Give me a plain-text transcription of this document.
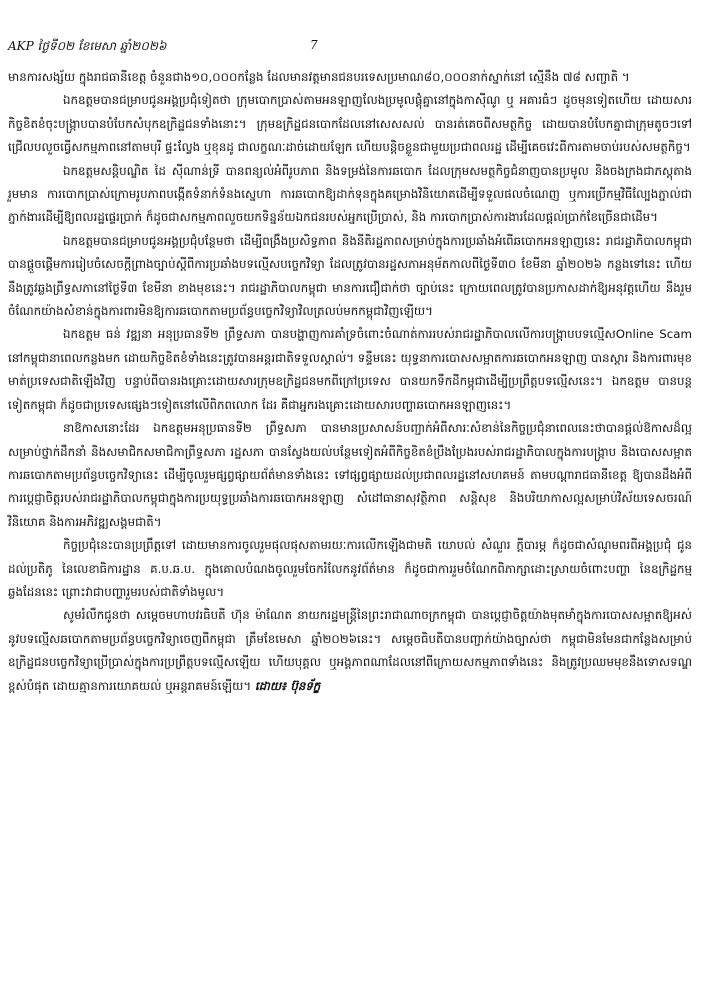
AKP ថ្ងៃទី០២ ខែមេសា ឆ្នាំ២០២៦	7

មានការសង្ស័យ ក្នុងរាជធានីខេត្ត ចំនួនជាង១០,០០០កន្លែង ដែលមានវត្តមានជនបរទេសប្រមាណ៨០,០០០នាក់ស្នាក់នៅ ស្មើនឹង ៧៨ សញ្ជាតិ ។

ឯកឧត្តមបានជម្រាបជូនអង្គប្រជុំទៀតថា ក្រុមបោកប្រាស់តាមអនឡាញលែងប្រមូលផ្តុំគ្នានៅក្នុងកាស៊ីណូ ឬ អគារធំៗ ដូចមុនទៀតហើយ ដោយសារកិច្ចខិតខំចុះបង្ក្រាបបានបំបែកសំបុកឧក្រិដ្ឋជនទាំងនោះ។ ក្រុមឧក្រិដ្ឋជនបោកដែលនៅសេសសល់ បានរត់គេចពីសមត្ថកិច្ច ដោយបានបំបែកគ្នាជាក្រុមតូចៗទៅជ្រើលបលួចធ្វើសកម្មភាពនៅតាមបុរី ផ្ទះល្វែង ឬខុនដូ ជាលក្ខណៈដាច់ដោយឡែក ហើយបន្តិចខ្លួនជាមួយប្រជាពលរដ្ឋ ដើម្បីគេចវេះពីការតាមចាប់របស់សមត្ថកិច្ច។

ឯកឧត្តមសន្តិបណ្ឌិត ដៃ ស៊ីណាន់ទ្រី បានពន្យល់អំពីរូបភាព និងទម្រង់នៃការឆបោក ដែលក្រុមសមត្ថកិច្ចជំនាញបានប្រមូល និងចងក្រងជាភស្តុតាង រួមមាន ការបោកប្រាស់ក្រោមរូបភាពបង្កើតទំនាក់ទំនងស្នេហា ការឆបោកឱ្យដាក់ទុនក្នុងគម្រោងវិនិយោគដើម្បីទទួលផលចំណេញ ឬការប្រើកម្មវិធីល្បែងភ្នាល់ជាភ្នាក់ងារដើម្បីឱ្យពលរដ្ឋផ្ទេរប្រាក់ ក៏ដូចជាសកម្មភាពលួចយកទិន្នន័យឯកជនរបស់អ្នកប្រើប្រាស់, និង ការបោកប្រាស់ការងារដែលផ្តល់ប្រាក់ខែច្រើនជាដើម។

ឯកឧត្តមបានជម្រាបជូនអង្គប្រជុំបន្ថែមថា ដើម្បីពង្រឹងប្រសិទ្ធភាព និងនីតិរដ្ឋភាពសម្រាប់ក្នុងការប្រឆាំងអំពើឆបោកអនឡាញនេះ រាជរដ្ឋាភិបាលកម្ពុជាបានផ្តួចផ្តើមការរៀបចំសេចក្តីព្រាងច្បាប់ស្តីពីការប្រឆាំងបទល្មើសបច្ចេកវិទ្យា ដែលត្រូវបានរដ្ឋសភាអនុម័តកាលពីថ្ងៃទី៣០ ខែមីនា ឆ្នាំ២០២៦ កន្លងទៅនេះ ហើយនឹងត្រូវឆ្លងព្រឹទ្ធសភានៅថ្ងៃទី៣ ខែមីនា ខាងមុខនេះ។ រាជរដ្ឋាភិបាលកម្ពុជា មានការជឿជាក់ថា ច្បាប់នេះ ក្រោយពេលត្រូវបានប្រកាសដាក់ឱ្យអនុវត្តហើយ នឹងរួមចំណែកយ៉ាងសំខាន់ក្នុងការពារមិនឱ្យការឆបោកតាមប្រព័ន្ធបច្ចេកវិទ្យាវិលត្រលប់មកកម្ពុជាវិញឡើយ។

ឯកឧត្តម ធន់ វឌ្ឍនា អនុប្រធានទី២ ព្រឹទ្ធសភា បានបង្ហាញការគាំទ្រចំពោះចំណាត់ការរបស់រាជរដ្ឋាភិបាលលើការបង្ក្រាបបទល្មើសOnline Scam នៅកម្ពុជានាពេលកន្លងមក ដោយកិច្ចខិតខំទាំងនេះត្រូវបានអន្តរជាតិទទួលស្គាល់។ ទន្ទឹមនេះ យុទ្ធនាការបោសសម្អាតការឆបោកអនឡាញ បានស្តារ និងការពារមុខមាត់ប្រទេសជាតិឡើងវិញ បន្ទាប់ពីបានរងគ្រោះដោយសារក្រុមឧក្រិដ្ឋជនមកពីក្រៅប្រទេស បានយកទឹកដីកម្ពុជាដើម្បីប្រព្រឹត្តបទល្មើសនេះ។ ឯកឧត្តម បានបន្តទៀតកម្ពុជា ក៏ដូចជាប្រទេសផ្សេងៗទៀតនៅលើពិភពលោក ដែរ គឺជាអ្នករងគ្រោះដោយសារបញ្ហាឆបោកអនឡាញនេះ។

នាឱកាសនោះដែរ ឯកឧត្តមអនុប្រធានទី២ ព្រឹទ្ធសភា បានមានប្រសាសន៍បញ្ជាក់អំពីសារៈសំខាន់នៃកិច្ចប្រជុំនាពេលនេះថាបានផ្តល់ឱកាសដ៏ល្អសម្រាប់ថ្នាក់ដឹកនាំ និងសមាជិកសមាជិកាព្រឹទ្ធសភា រដ្ឋសភា បានស្វែងយល់បន្ថែមទៀតអំពីកិច្ចខិតខំប្រឹងប្រែងរបស់រាជរដ្ឋាភិបាលក្នុងការបង្ក្រាប និងបោសសម្អាតការឆបោកតាមប្រព័ន្ធបច្ចេកវិទ្យានេះ ដើម្បីចូលរួមផ្សព្វផ្សាយព័ត៌មានទាំងនេះ ទៅផ្សព្វផ្សាយដល់ប្រជាពលរដ្ឋនៅសហគមន៍ តាមបណ្តារាជធានីខេត្ត ឱ្យបានដឹងអំពីការប្តេជ្ញាចិត្តរបស់រាជរដ្ឋាភិបាលកម្ពុជាក្នុងការប្រយុទ្ធប្រឆាំងការឆបោកអនឡាញ សំដៅធានាសុវត្ថិភាព សន្តិសុខ និងបរិយាកាសល្អសម្រាប់វិស័យទេសចរណ៍ វិនិយោគ និងការអភិវឌ្ឍសង្គមជាតិ។

កិច្ចប្រជុំនេះបានប្រព្រឹត្តទៅ ដោយមានការចូលរួមផុលផុសតាមរយៈការលើកឡើងជាមតិ យោបល់ សំណួរ ក្តីបារម្ភ ក៏ដូចជាសំណូមពរពីអង្គប្រជុំ ជូនដល់ប្រតិភូ នៃលេខាធិការដ្ឋាន គ.ប.ឆ.ប. ក្នុងគោលបំណងចូលរួមចែករំលែកនូវព័ត៌មាន ក៏ដូចជាការរួមចំណែកពិភាក្សាដោះស្រាយចំពោះបញ្ហា នៃឧក្រិដ្ឋកម្មឆ្លងដែននេះ ព្រោះវាជាបញ្ហារួមរបស់ជាតិទាំងមូល។

សូមរំលឹកជូនថា សម្តេចមហាបវរធិបតី ហ៊ុន ម៉ាណែត នាយករដ្ឋមន្ត្រីនៃព្រះរាជាណាចក្រកម្ពុជា បានប្តេជ្ញាចិត្តយ៉ាងមុតមាំក្នុងការបោសសម្អាតឱ្យអស់នូវបទល្មើសឆបោកតាមប្រព័ន្ធបច្ចេកវិទ្យាចេញពីកម្ពុជា ត្រឹមខែមេសា ឆ្នាំ២០២៦នេះ។ សម្តេចធិបតីបានបញ្ជាក់យ៉ាងច្បាស់ថា កម្ពុជាមិនមែនជាកន្លែងសម្រាប់ឧក្រិដ្ឋជនបច្ចេកវិទ្យាប្រើប្រាស់ក្នុងការប្រព្រឹត្តបទល្មើសឡើយ ហើយបុគ្គល ឬអង្គភាពណាដែលនៅពីក្រោយសកម្មភាពទាំងនេះ និងត្រូវប្រឈមមុខនឹងទោសទណ្ឌខ្ពស់បំផុត ដោយគ្មានការយោគយល់ ឬអន្តរាគមន៍ឡើយ។ ដោយ៖ ប៊ុនទ័ក្ខ
